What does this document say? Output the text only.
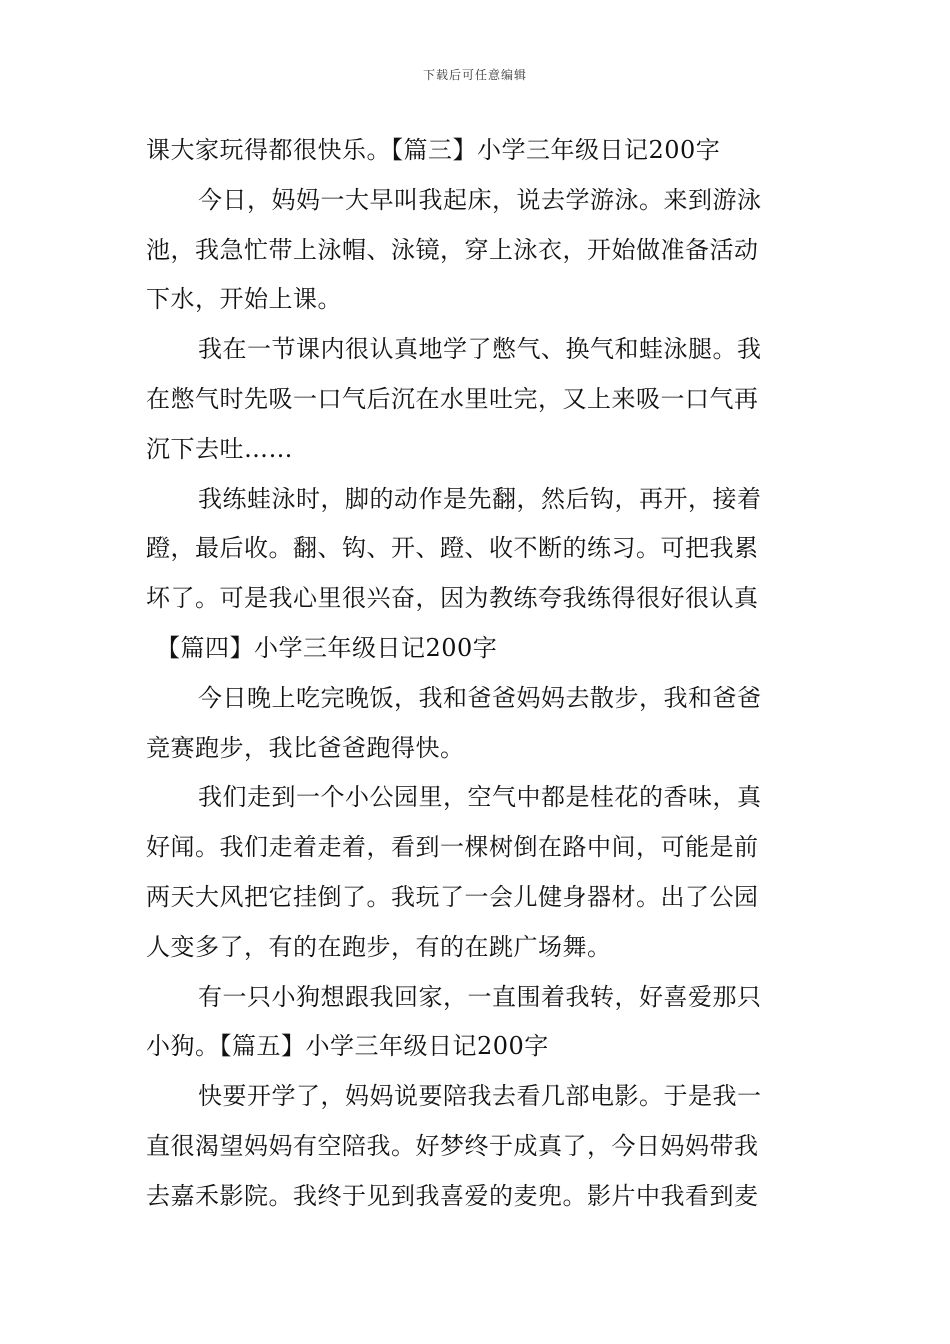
下载后可任意编辑
课大家玩得都很快乐。【篇三】小学三年级日记200字
今日，妈妈一大早叫我起床，说去学游泳。来到游泳
池，我急忙带上泳帽、泳镜，穿上泳衣，开始做准备活动
下水，开始上课。
我在一节课内很认真地学了憋气、换气和蛙泳腿。我
在憋气时先吸一口气后沉在水里吐完，又上来吸一口气再
沉下去吐……
我练蛙泳时，脚的动作是先翻，然后钩，再开，接着
蹬，最后收。翻、钩、开、蹬、收不断的练习。可把我累
坏了。可是我心里很兴奋，因为教练夸我练得很好很认真
【篇四】小学三年级日记200字
今日晚上吃完晚饭，我和爸爸妈妈去散步，我和爸爸
竞赛跑步，我比爸爸跑得快。
我们走到一个小公园里，空气中都是桂花的香味，真
好闻。我们走着走着，看到一棵树倒在路中间，可能是前
两天大风把它挂倒了。我玩了一会儿健身器材。出了公园
人变多了，有的在跑步，有的在跳广场舞。
有一只小狗想跟我回家，一直围着我转，好喜爱那只
小狗。【篇五】小学三年级日记200字
快要开学了，妈妈说要陪我去看几部电影。于是我一
直很渴望妈妈有空陪我。好梦终于成真了，今日妈妈带我
去嘉禾影院。我终于见到我喜爱的麦兜。影片中我看到麦
